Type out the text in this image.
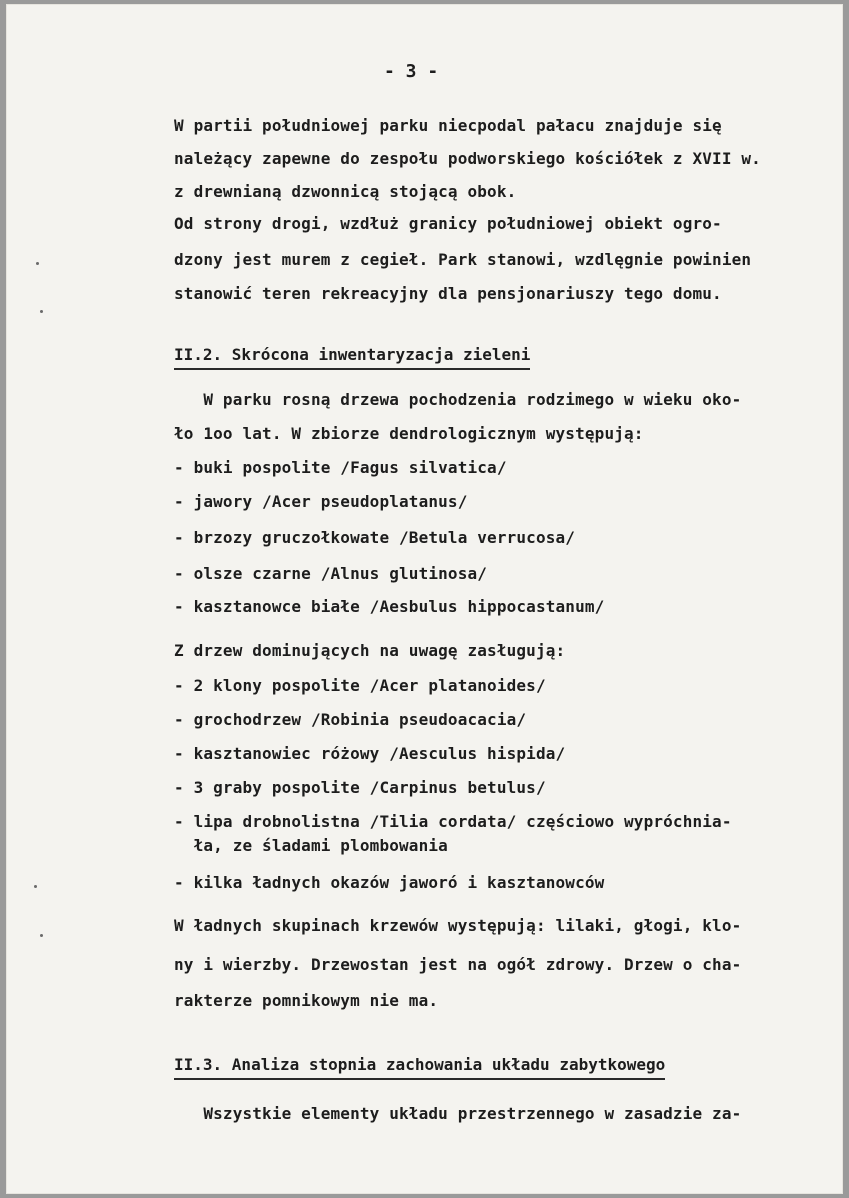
- 3 -
W partii południowej parku niecpodal pałacu znajduje się
należący zapewne do zespołu podworskiego kościółek z XVII w.
z drewnianą dzwonnicą stojącą obok.
Od strony drogi, wzdłuż granicy południowej obiekt ogro-
dzony jest murem z cegieł. Park stanowi, wzdlęgnie powinien
stanowić teren rekreacyjny dla pensjonariuszy tego domu.
II.2. Skrócona inwentaryzacja zieleni
W parku rosną drzewa pochodzenia rodzimego w wieku oko-
ło 1oo lat. W zbiorze dendrologicznym występują:
- buki pospolite /Fagus silvatica/
- jawory /Acer pseudoplatanus/
- brzozy gruczołkowate /Betula verrucosa/
- olsze czarne /Alnus glutinosa/
- kasztanowce białe /Aesbulus hippocastanum/
Z drzew dominujących na uwagę zasługują:
- 2 klony pospolite /Acer platanoides/
- grochodrzew /Robinia pseudoacacia/
- kasztanowiec różowy /Aesculus hispida/
- 3 graby pospolite /Carpinus betulus/
- lipa drobnolistna /Tilia cordata/ częściowo wypróchnia-
ła, ze śladami plombowania
- kilka ładnych okazów jaworó i kasztanowców
W ładnych skupinach krzewów występują: lilaki, głogi, klo-
ny i wierzby. Drzewostan jest na ogół zdrowy. Drzew o cha-
rakterze pomnikowym nie ma.
II.3. Analiza stopnia zachowania układu zabytkowego
Wszystkie elementy układu przestrzennego w zasadzie za-
